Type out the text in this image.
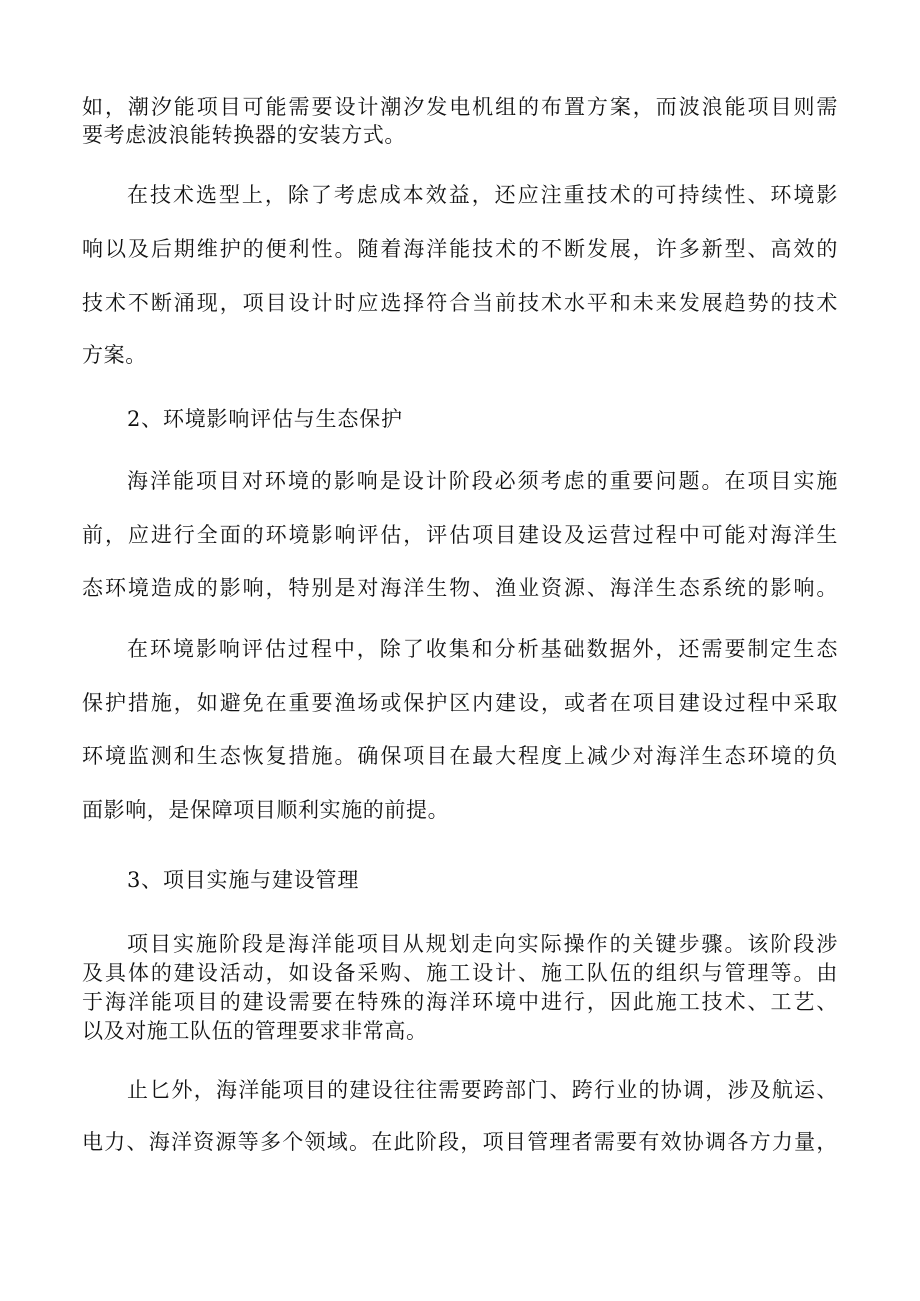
如，潮汐能项目可能需要设计潮汐发电机组的布置方案，而波浪能项目则需
要考虑波浪能转换器的安装方式。
在技术选型上，除了考虑成本效益，还应注重技术的可持续性、环境影
响以及后期维护的便利性。随着海洋能技术的不断发展，许多新型、高效的
技术不断涌现，项目设计时应选择符合当前技术水平和未来发展趋势的技术
方案。
2、环境影响评估与生态保护
海洋能项目对环境的影响是设计阶段必须考虑的重要问题。在项目实施
前，应进行全面的环境影响评估，评估项目建设及运营过程中可能对海洋生
态环境造成的影响，特别是对海洋生物、渔业资源、海洋生态系统的影响。
在环境影响评估过程中，除了收集和分析基础数据外，还需要制定生态
保护措施，如避免在重要渔场或保护区内建设，或者在项目建设过程中采取
环境监测和生态恢复措施。确保项目在最大程度上减少对海洋生态环境的负
面影响，是保障项目顺利实施的前提。
3、项目实施与建设管理
项目实施阶段是海洋能项目从规划走向实际操作的关键步骤。该阶段涉
及具体的建设活动，如设备采购、施工设计、施工队伍的组织与管理等。由
于海洋能项目的建设需要在特殊的海洋环境中进行，因此施工技术、工艺、
以及对施工队伍的管理要求非常高。
止匕外，海洋能项目的建设往往需要跨部门、跨行业的协调，涉及航运、
电力、海洋资源等多个领域。在此阶段，项目管理者需要有效协调各方力量，
